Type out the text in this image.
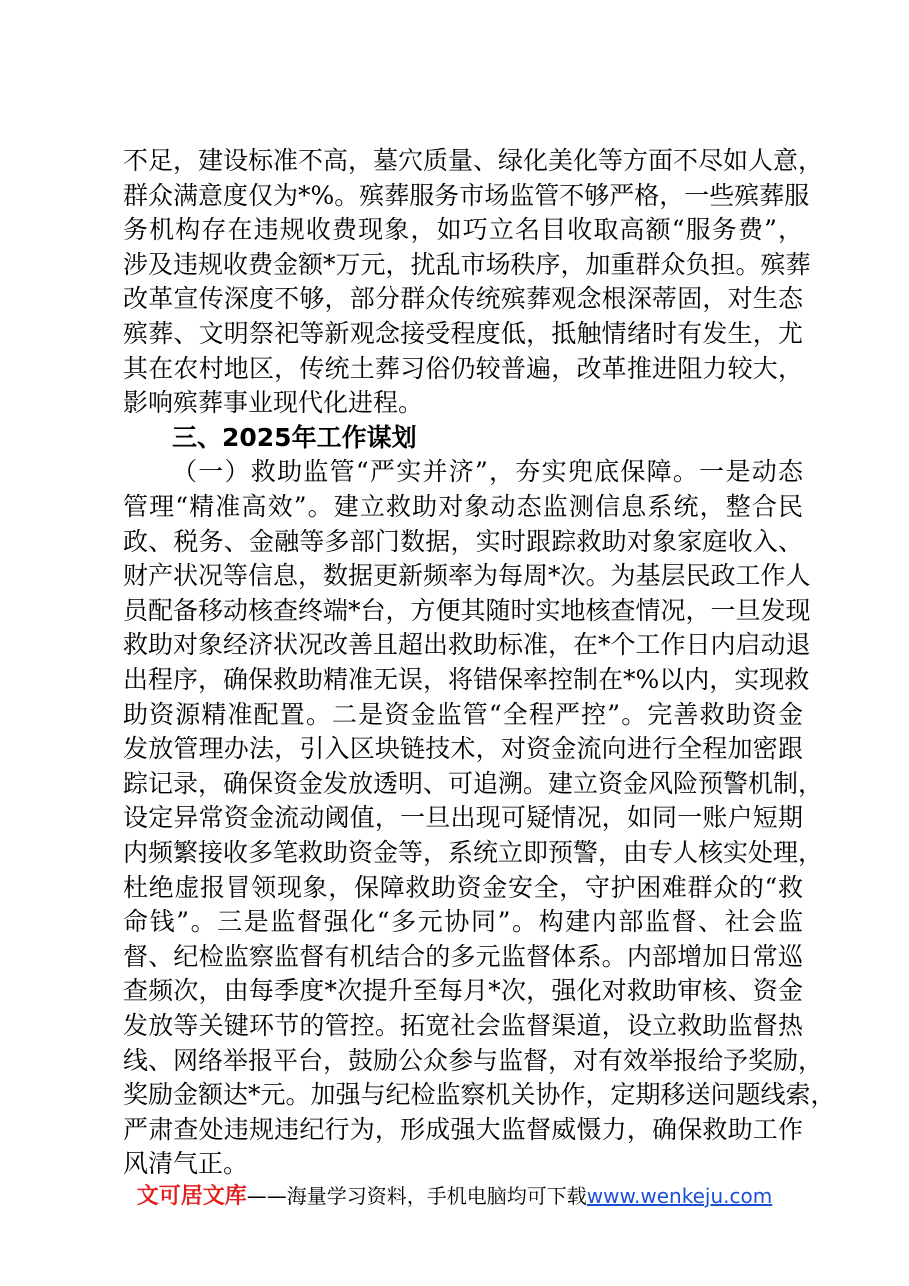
不足，建设标准不高，墓穴质量、绿化美化等方面不尽如人意，
群众满意度仅为*%。殡葬服务市场监管不够严格，一些殡葬服
务机构存在违规收费现象，如巧立名目收取高额“服务费”，
涉及违规收费金额*万元，扰乱市场秩序，加重群众负担。殡葬
改革宣传深度不够，部分群众传统殡葬观念根深蒂固，对生态
殡葬、文明祭祀等新观念接受程度低，抵触情绪时有发生，尤
其在农村地区，传统土葬习俗仍较普遍，改革推进阻力较大，
影响殡葬事业现代化进程。
三、2025年工作谋划
（一）救助监管“严实并济”，夯实兜底保障。一是动态
管理“精准高效”。建立救助对象动态监测信息系统，整合民
政、税务、金融等多部门数据，实时跟踪救助对象家庭收入、
财产状况等信息，数据更新频率为每周*次。为基层民政工作人
员配备移动核查终端*台，方便其随时实地核查情况，一旦发现
救助对象经济状况改善且超出救助标准，在*个工作日内启动退
出程序，确保救助精准无误，将错保率控制在*%以内，实现救
助资源精准配置。二是资金监管“全程严控”。完善救助资金
发放管理办法，引入区块链技术，对资金流向进行全程加密跟
踪记录，确保资金发放透明、可追溯。建立资金风险预警机制，
设定异常资金流动阈值，一旦出现可疑情况，如同一账户短期
内频繁接收多笔救助资金等，系统立即预警，由专人核实处理，
杜绝虚报冒领现象，保障救助资金安全，守护困难群众的“救
命钱”。三是监督强化“多元协同”。构建内部监督、社会监
督、纪检监察监督有机结合的多元监督体系。内部增加日常巡
查频次，由每季度*次提升至每月*次，强化对救助审核、资金
发放等关键环节的管控。拓宽社会监督渠道，设立救助监督热
线、网络举报平台，鼓励公众参与监督，对有效举报给予奖励，
奖励金额达*元。加强与纪检监察机关协作，定期移送问题线索，
严肃查处违规违纪行为，形成强大监督威慑力，确保救助工作
风清气正。
文可居文库——海量学习资料，手机电脑均可下载www.wenkeju.com
